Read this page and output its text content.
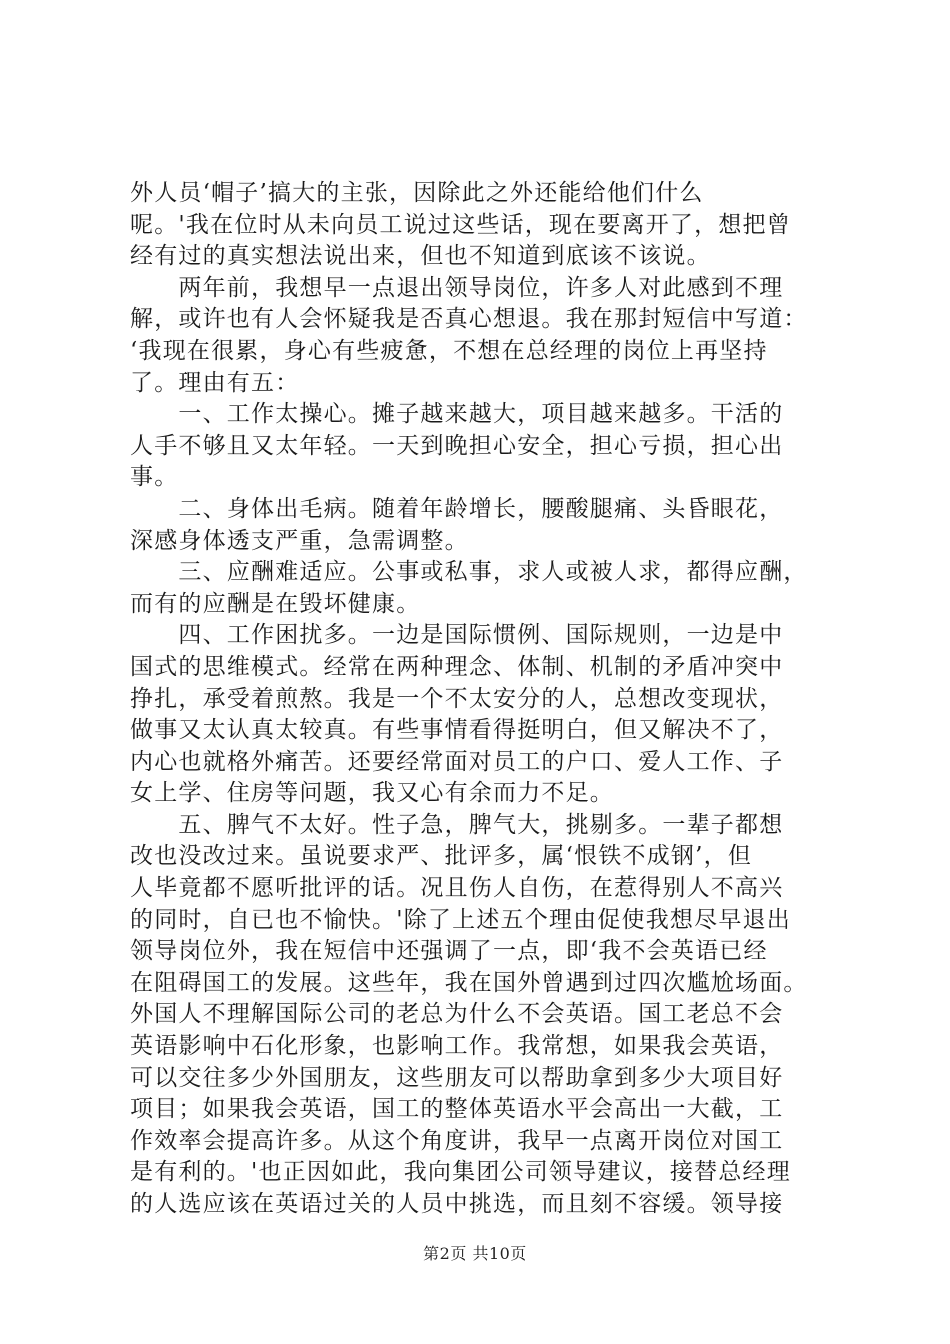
外人员‘帽子’搞大的主张，因除此之外还能给他们什么
呢。'我在位时从未向员工说过这些话，现在要离开了，想把曾
经有过的真实想法说出来，但也不知道到底该不该说。
　　两年前，我想早一点退出领导岗位，许多人对此感到不理
解，或许也有人会怀疑我是否真心想退。我在那封短信中写道：
‘我现在很累，身心有些疲惫，不想在总经理的岗位上再坚持
了。理由有五：
　　一、工作太操心。摊子越来越大，项目越来越多。干活的
人手不够且又太年轻。一天到晚担心安全，担心亏损，担心出
事。
　　二、身体出毛病。随着年龄增长，腰酸腿痛、头昏眼花，
深感身体透支严重，急需调整。
　　三、应酬难适应。公事或私事，求人或被人求，都得应酬，
而有的应酬是在毁坏健康。
　　四、工作困扰多。一边是国际惯例、国际规则，一边是中
国式的思维模式。经常在两种理念、体制、机制的矛盾冲突中
挣扎，承受着煎熬。我是一个不太安分的人，总想改变现状，
做事又太认真太较真。有些事情看得挺明白，但又解决不了，
内心也就格外痛苦。还要经常面对员工的户口、爱人工作、子
女上学、住房等问题，我又心有余而力不足。
　　五、脾气不太好。性子急，脾气大，挑剔多。一辈子都想
改也没改过来。虽说要求严、批评多，属‘恨铁不成钢’，但
人毕竟都不愿听批评的话。况且伤人自伤，在惹得别人不高兴
的同时，自已也不愉快。'除了上述五个理由促使我想尽早退出
领导岗位外，我在短信中还强调了一点，即‘我不会英语已经
在阻碍国工的发展。这些年，我在国外曾遇到过四次尴尬场面。
外国人不理解国际公司的老总为什么不会英语。国工老总不会
英语影响中石化形象，也影响工作。我常想，如果我会英语，
可以交往多少外国朋友，这些朋友可以帮助拿到多少大项目好
项目；如果我会英语，国工的整体英语水平会高出一大截，工
作效率会提高许多。从这个角度讲，我早一点离开岗位对国工
是有利的。'也正因如此，我向集团公司领导建议，接替总经理
的人选应该在英语过关的人员中挑选，而且刻不容缓。领导接
第2页 共10页
